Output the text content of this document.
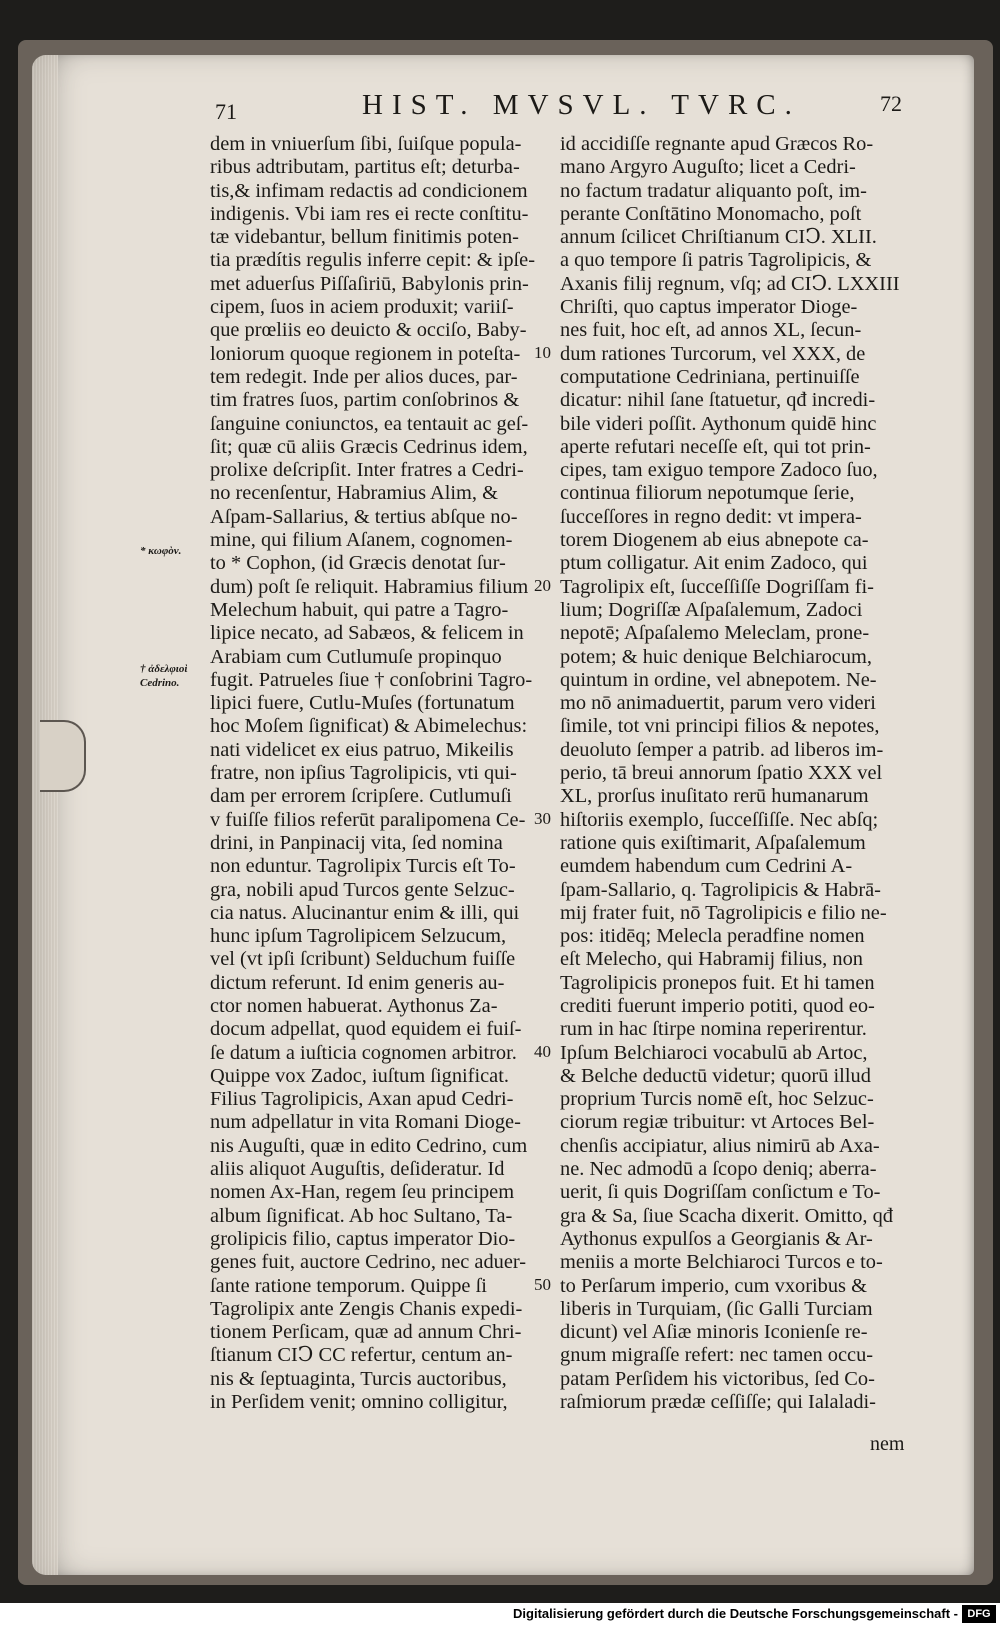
71	HIST. MVSVL. TVRC.	72
dem in vniuerſum ſibi, ſuiſque popula-
ribus adtributam, partitus eſt; deturba-
tis,& infimam redactis ad condicionem
indigenis. Vbi iam res ei recte conſtitu-
tæ videbantur, bellum finitimis poten-
tia prædítis regulis inferre cepit: & ipſe-
met aduerſus Piſſaſiriū, Babylonis prin-
cipem, ſuos in aciem produxit; variiſ-
que prœliis eo deuicto & occiſo, Baby-
loniorum quoque regionem in poteſta-
tem redegit. Inde per alios duces, par-
tim fratres ſuos, partim conſobrinos &
ſanguine coniunctos, ea tentauit ac geſ-
ſit; quæ cū aliis Græcis Cedrinus idem,
prolixe deſcripſit. Inter fratres a Cedri-
no recenſentur, Habramius Alim, &
Aſpam-Sallarius, & tertius abſque no-
mine, qui filium Aſanem, cognomen-
to * Cophon, (id Græcis denotat ſur-
dum) poſt ſe reliquit. Habramius filium
Melechum habuit, qui patre a Tagro-
lipice necato, ad Sabæos, & felicem in
Arabiam cum Cutlumuſe propinquo
fugit. Patrueles ſiue † conſobrini Tagro-
lipici fuere, Cutlu-Muſes (fortunatum
hoc Moſem ſignificat) & Abimelechus:
nati videlicet ex eius patruo, Mikeilis
fratre, non ipſius Tagrolipicis, vti qui-
dam per errorem ſcripſere. Cutlumuſi
v fuiſſe filios referūt paralipomena Ce-
drini, in Panpinacij vita, ſed nomina
non eduntur. Tagrolipix Turcis eſt To-
gra, nobili apud Turcos gente Selzuc-
cia natus. Alucinantur enim & illi, qui
hunc ipſum Tagrolipicem Selzucum,
vel (vt ipſi ſcribunt) Selduchum fuiſſe
dictum referunt. Id enim generis au-
ctor nomen habuerat. Aythonus Za-
docum adpellat, quod equidem ei fuiſ-
ſe datum a iuſticia cognomen arbitror.
Quippe vox Zadoc, iuſtum ſignificat.
Filius Tagrolipicis, Axan apud Cedri-
num adpellatur in vita Romani Dioge-
nis Auguſti, quæ in edito Cedrino, cum
aliis aliquot Auguſtis, deſideratur. Id
nomen Ax-Han, regem ſeu principem
album ſignificat. Ab hoc Sultano, Ta-
grolipicis filio, captus imperator Dio-
genes fuit, auctore Cedrino, nec aduer-
ſante ratione temporum. Quippe ſi
Tagrolipix ante Zengis Chanis expedi-
tionem Perſicam, quæ ad annum Chri-
ſtianum CIↃ CC refertur, centum an-
nis & ſeptuaginta, Turcis auctoribus,
in Perſidem venit; omnino colligitur,
10
20
30
40
50
id accidiſſe regnante apud Græcos Ro-
mano Argyro Auguſto; licet a Cedri-
no factum tradatur aliquanto poſt, im-
perante Conſtātino Monomacho, poſt
annum ſcilicet Chriſtianum CIↃ. XLII.
a quo tempore ſi patris Tagrolipicis, &
Axanis filij regnum, vſq; ad CIↃ. LXXIII
Chriſti, quo captus imperator Dioge-
nes fuit, hoc eſt, ad annos XL, ſecun-
dum rationes Turcorum, vel XXX, de
computatione Cedriniana, pertinuiſſe
dicatur: nihil ſane ſtatuetur, qđ incredi-
bile videri poſſit. Aythonum quidē hinc
aperte refutari neceſſe eſt, qui tot prin-
cipes, tam exiguo tempore Zadoco ſuo,
continua filiorum nepotumque ſerie,
ſucceſſores in regno dedit: vt impera-
torem Diogenem ab eius abnepote ca-
ptum colligatur. Ait enim Zadoco, qui
Tagrolipix eſt, ſucceſſiſſe Dogriſſam fi-
lium; Dogriſſæ Aſpaſalemum, Zadoci
nepotē; Aſpaſalemo Meleclam, prone-
potem; & huic denique Belchiarocum,
quintum in ordine, vel abnepotem. Ne-
mo nō animaduertit, parum vero videri
ſimile, tot vni principi filios & nepotes,
deuoluto ſemper a patrib. ad liberos im-
perio, tā breui annorum ſpatio XXX vel
XL, prorſus inuſitato rerū humanarum
hiſtoriis exemplo, ſucceſſiſſe. Nec abſq;
ratione quis exiſtimarit, Aſpaſalemum
eumdem habendum cum Cedrini A-
ſpam-Sallario, q. Tagrolipicis & Habrā-
mij frater fuit, nō Tagrolipicis e filio ne-
pos: itidēq; Melecla peradfine nomen
eſt Melecho, qui Habramij filius, non
Tagrolipicis pronepos fuit. Et hi tamen
crediti fuerunt imperio potiti, quod eo-
rum in hac ſtirpe nomina reperirentur.
Ipſum Belchiaroci vocabulū ab Artoc,
& Belche deductū videtur; quorū illud
proprium Turcis nomē eſt, hoc Selzuc-
ciorum regiæ tribuitur: vt Artoces Bel-
chenſis accipiatur, alius nimirū ab Axa-
ne. Nec admodū a ſcopo deniq; aberra-
uerit, ſi quis Dogriſſam conſictum e To-
gra & Sa, ſiue Scacha dixerit. Omitto, qđ
Aythonus expulſos a Georgianis & Ar-
meniis a morte Belchiaroci Turcos e to-
to Perſarum imperio, cum vxoribus &
liberis in Turquiam, (ſic Galli Turciam
dicunt) vel Aſiæ minoris Iconienſe re-
gnum migraſſe refert: nec tamen occu-
patam Perſidem his victoribus, ſed Co-
raſmiorum prædæ ceſſiſſe; qui Ialaladi-
* κωφὸν.
† ἀδελφιοὶ
Cedrino.
nem
Digitalisierung gefördert durch die Deutsche Forschungsgemeinschaft - DFG
